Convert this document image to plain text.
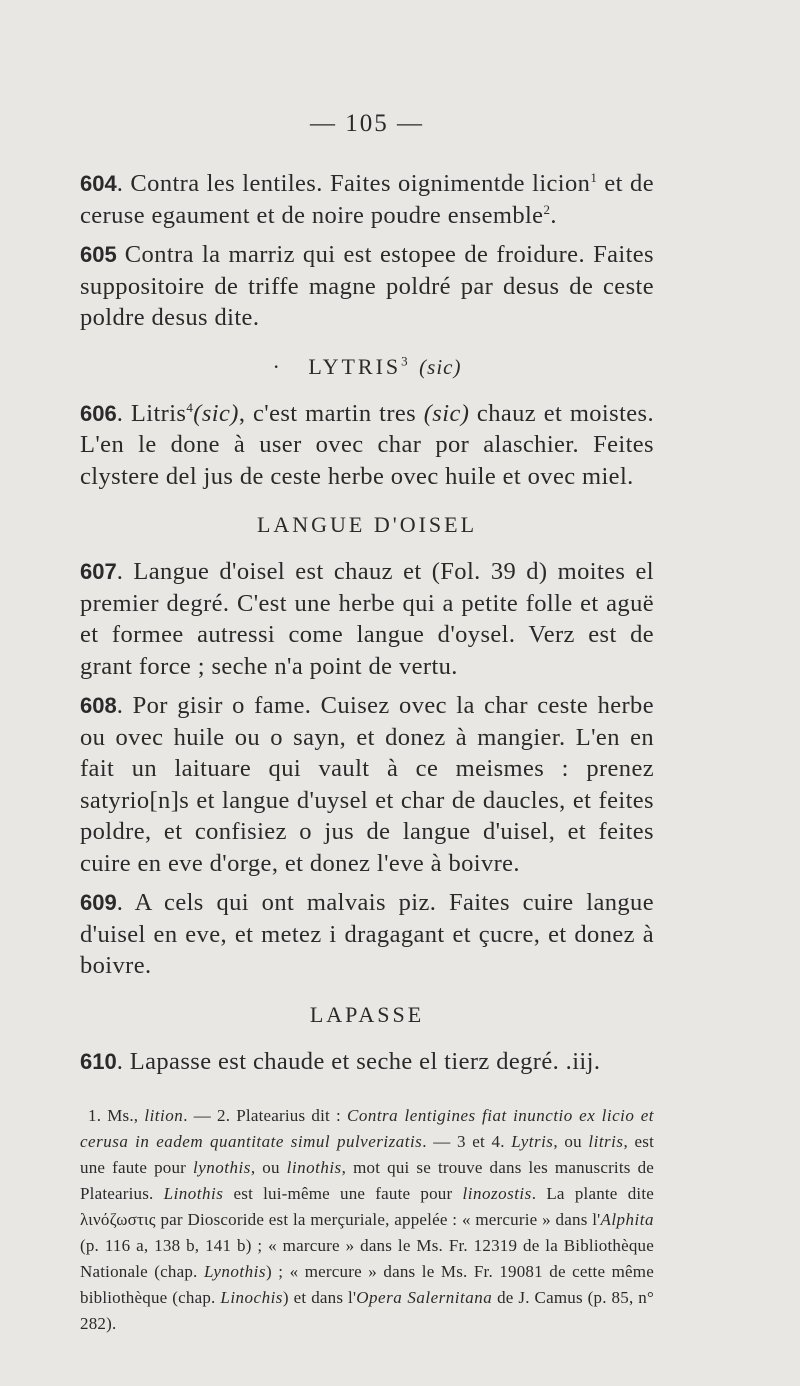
— 105 —

604. Contra les lentiles. Faites oignimentde licion$^1$ et de ceruse egaument et de noire poudre ensemble$^2$.

605 Contra la marriz qui est estopee de froidure. Faites suppositoire de triffe magne poldré par desus de ceste poldre desus dite.

· $LYTRIS^3$ (sic)

606. Litris$^4$(sic), c'est martin tres (sic) chauz et moistes. L'en le done à user ovec char por alaschier. Feites clystere del jus de ceste herbe ovec huile et ovec miel.

LANGUE D'OISEL

607. Langue d'oisel est chauz et (Fol. 39 d) moites el premier degré. C'est une herbe qui a petite folle et aguë et formee autressi come langue d'oysel. Verz est de grant force ; seche n'a point de vertu.

608. Por gisir o fame. Cuisez ovec la char ceste herbe ou ovec huile ou o sayn, et donez à mangier. L'en en fait un laituare qui vault à ce meismes : prenez satyrio[n]s et langue d'uysel et char de daucles, et feites poldre, et confisiez o jus de langue d'uisel, et feites cuire en eve d'orge, et donez l'eve à boivre.

609. A cels qui ont malvais piz. Faites cuire langue d'uisel en eve, et metez i dragagant et çucre, et donez à boivre.

LAPASSE

610. Lapasse est chaude et seche el tierz degré. .iij.

1. Ms., lition. — 2. Platearius dit : Contra lentigines fiat inunctio ex licio et cerusa in eadem quantitate simul pulverizatis. — 3 et 4. Lytris, ou litris, est une faute pour lynothis, ou linothis, mot qui se trouve dans les manuscrits de Platearius. Linothis est lui-même une faute pour linozostis. La plante dite λινόζωστις par Dioscoride est la merçuriale, appelée : « mercurie » dans l'Alphita (p. 116 a, 138 b, 141 b) ; « marcure » dans le Ms. Fr. 12319 de la Bibliothèque Nationale (chap. Lynothis) ; « mercure » dans le Ms. Fr. 19081 de cette même bibliothèque (chap. Linochis) et dans l'Opera Salernitana de J. Camus (p. 85, n° 282).
